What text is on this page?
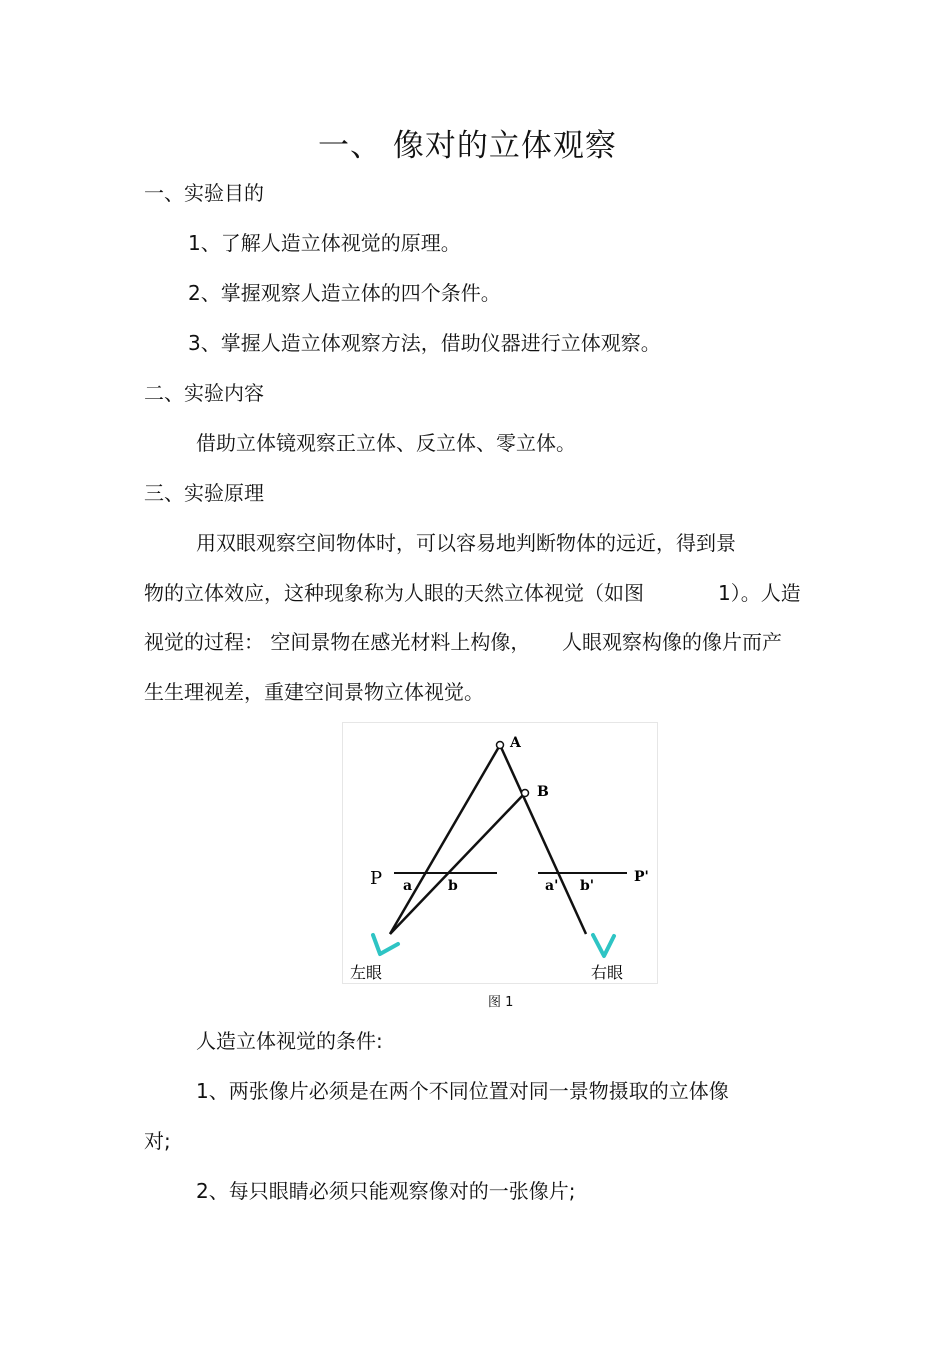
一、 像对的立体观察
一、实验目的
1、了解人造立体视觉的原理。
2、掌握观察人造立体的四个条件。
3、掌握人造立体观察方法，借助仪器进行立体观察。
二、实验内容
借助立体镜观察正立体、反立体、零立体。
三、实验原理
用双眼观察空间物体时，可以容易地判断物体的远近，得到景
物的立体效应，这种现象称为人眼的天然立体视觉（如图	1）。人造
视觉的过程： 空间景物在感光材料上构像， 人眼观察构像的像片而产
生生理视差，重建空间景物立体视觉。
A
B
P	P'
a	b	a' b'
左眼	右眼
图 1
人造立体视觉的条件:
1、两张像片必须是在两个不同位置对同一景物摄取的立体像
对;
2、每只眼睛必须只能观察像对的一张像片;
